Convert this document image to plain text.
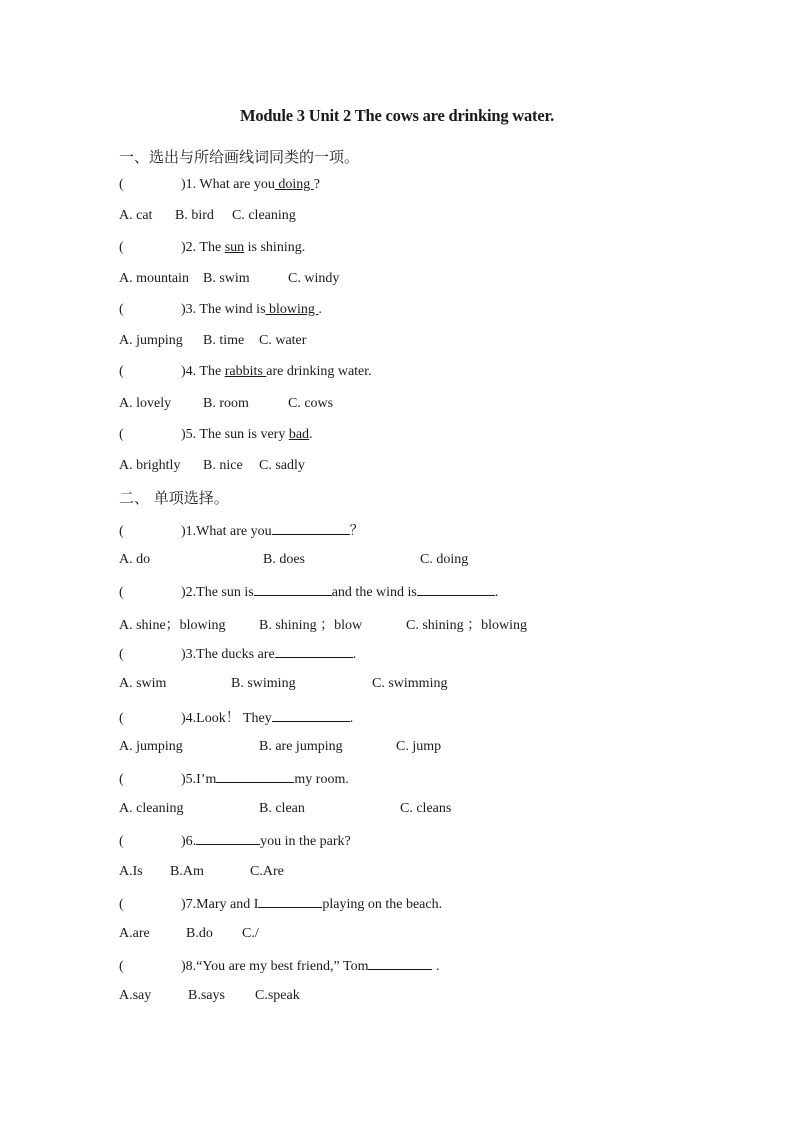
Module 3 Unit 2 The cows are drinking water.
一、选出与所给画线词同类的一项。
(	)1. What are you doing ?
A. cat B. bird C. cleaning
(	)2. The sun is shining.
A. mountain B. swim	C. windy
(	)3. The wind is blowing .
A. jumping B. time C. water
(	)4. The rabbits are drinking water.
A. lovely B. room	C. cows
(	)5. The sun is very bad.
A. brightly B. nice C. sadly
二、 单项选择。
(	)1.What are you	？
A. do	B. does	C. doing
(	)2.The sun is	and the wind is	.
A. shine；blowing B. shining ；blow	C. shining ；blowing
(	)3.The ducks are	.
A. swim	B. swiming	C. swimming
(	)4.Look！ They	.
A. jumping	B. are jumping	C. jump
(	)5.I’m	my room.
A. cleaning	B. clean	C. cleans
(	)6.	you in the park?
A.Is B.Am	C.Are
(	)7.Mary and I	playing on the beach.
A.are	B.do C./
(	)8.“You are my best friend,” Tom	.
A.say	B.says C.speak
